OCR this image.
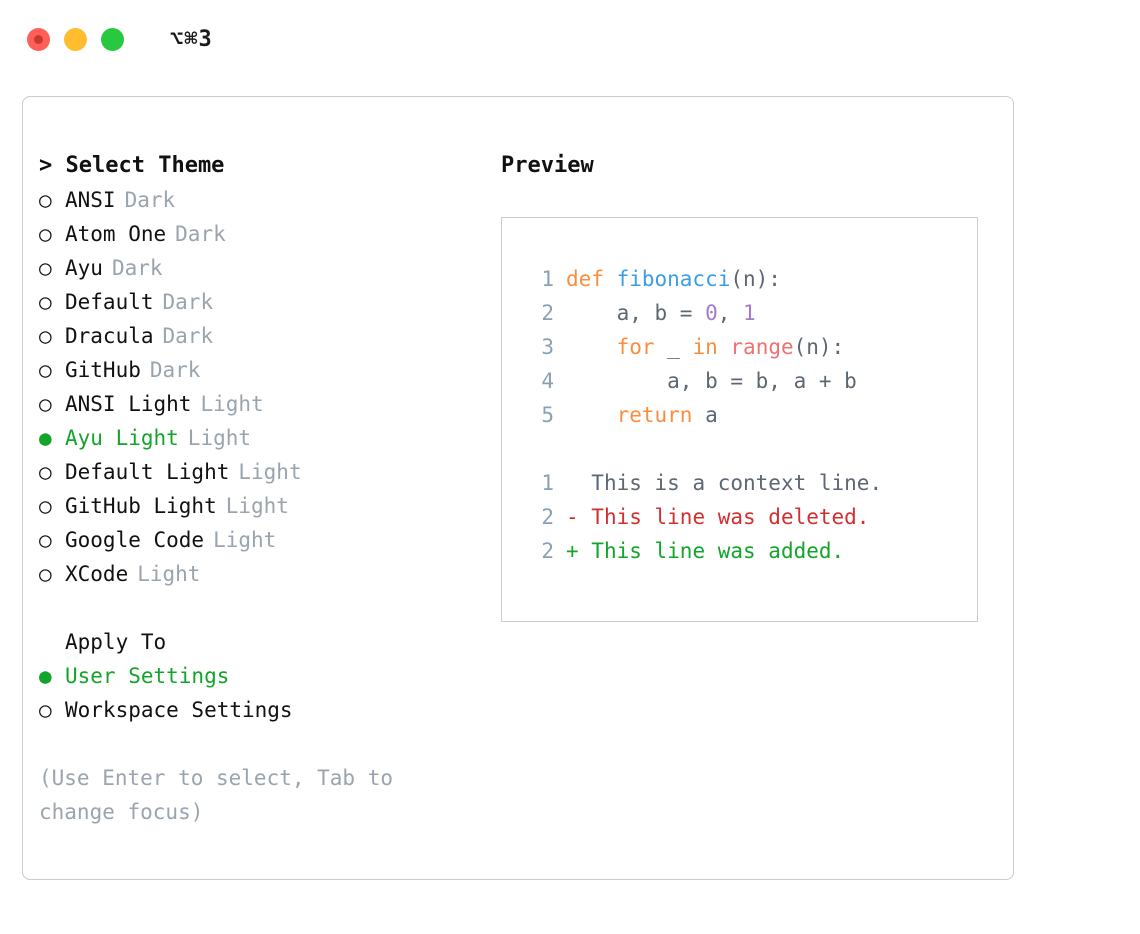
⌥⌘3
> Select Theme
○ ANSI Dark
○ Atom One Dark
○ Ayu Dark
○ Default Dark
○ Dracula Dark
○ GitHub Dark
○ ANSI Light Light
● Ayu Light Light
○ Default Light Light
○ GitHub Light Light
○ Google Code Light
○ XCode Light
Apply To
● User Settings
○ Workspace Settings
(Use Enter to select, Tab to change focus)
Preview
1 def fibonacci(n):
2    a, b = 0, 1
3	for _ in range(n):
4        a, b = b, a + b
5	return a
1 This is a context line.
2 - This line was deleted.
2 + This line was added.
